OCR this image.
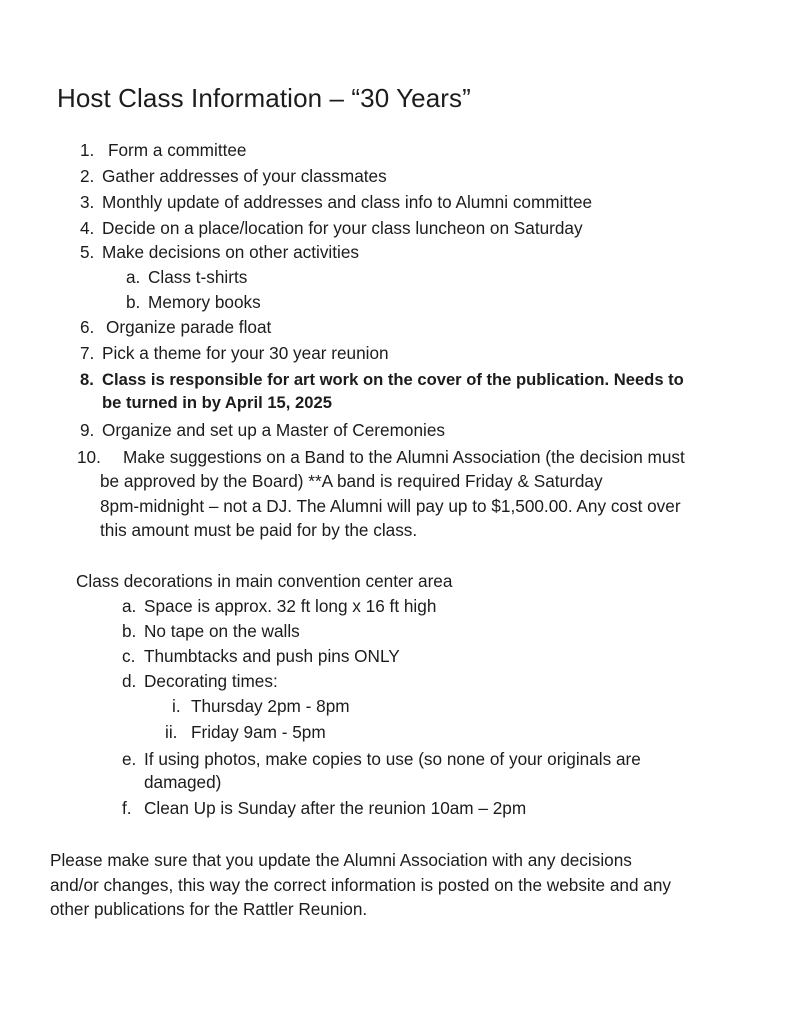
Host Class Information – “30 Years”
1. Form a committee
2. Gather addresses of your classmates
3. Monthly update of addresses and class info to Alumni committee
4. Decide on a place/location for your class luncheon on Saturday
5. Make decisions on other activities
a. Class t-shirts
b. Memory books
6. Organize parade float
7. Pick a theme for your 30 year reunion
8. Class is responsible for art work on the cover of the publication. Needs to
be turned in by April 15, 2025
9. Organize and set up a Master of Ceremonies
10. Make suggestions on a Band to the Alumni Association (the decision must
be approved by the Board) **A band is required Friday & Saturday
8pm-midnight – not a DJ. The Alumni will pay up to $1,500.00. Any cost over
this amount must be paid for by the class.
Class decorations in main convention center area
a. Space is approx. 32 ft long x 16 ft high
b. No tape on the walls
c. Thumbtacks and push pins ONLY
d. Decorating times:
i. Thursday 2pm - 8pm
ii. Friday 9am - 5pm
e. If using photos, make copies to use (so none of your originals are
damaged)
f. Clean Up is Sunday after the reunion 10am – 2pm
Please make sure that you update the Alumni Association with any decisions
and/or changes, this way the correct information is posted on the website and any
other publications for the Rattler Reunion.
